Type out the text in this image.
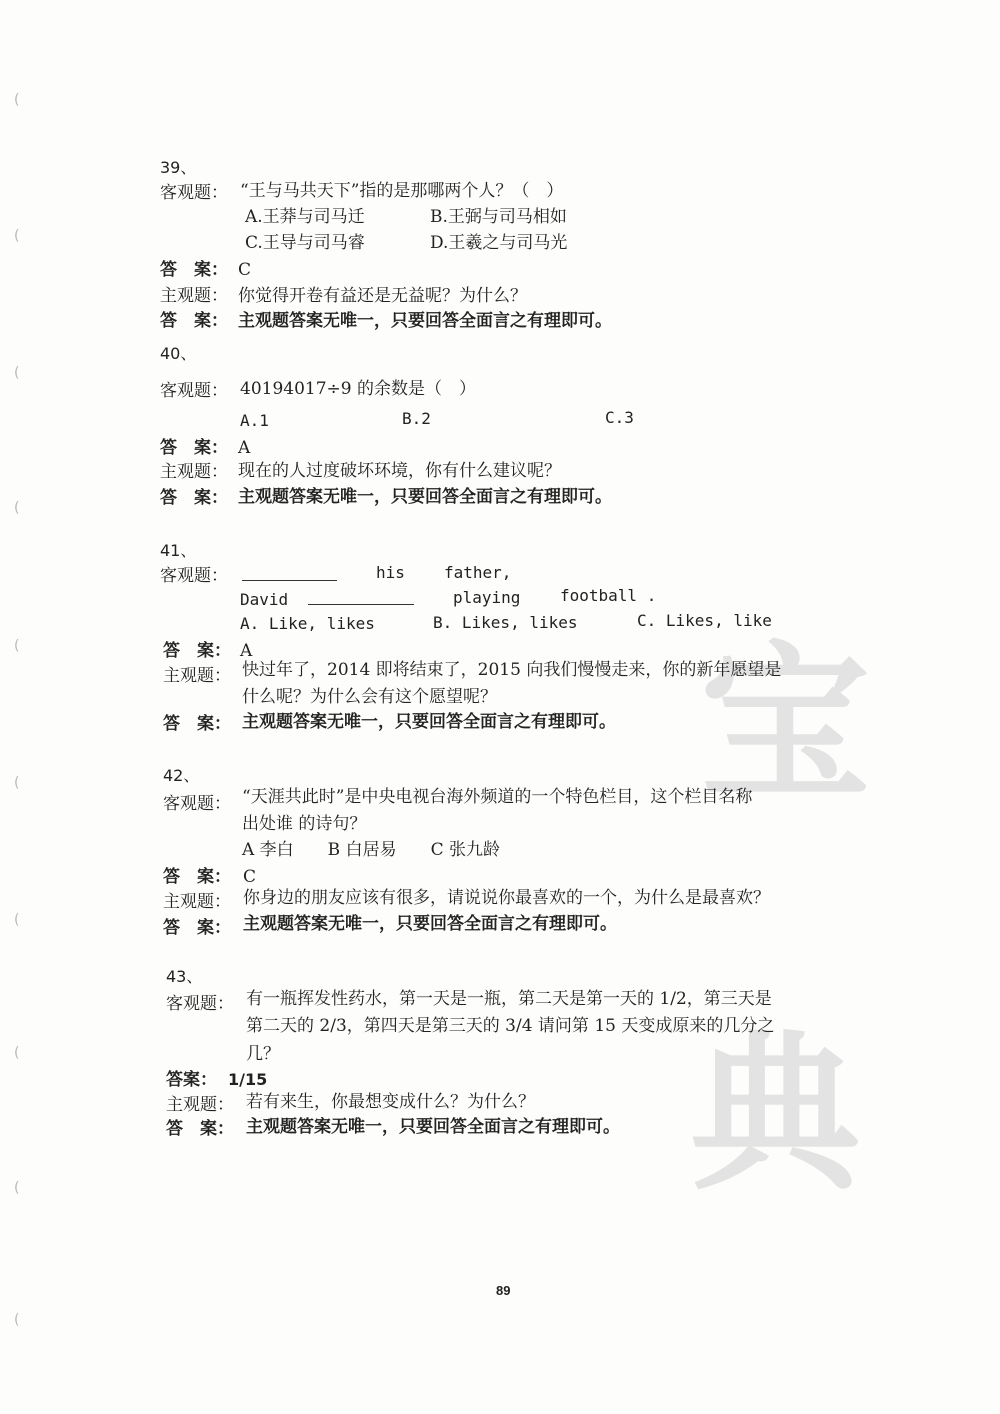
宝
典
(
(
(
(
(
(
(
(
(
(
39、
客观题： “王与马共天下”指的是那哪两个人？（　）
A.王莽与司马迁	B.王弼与司马相如
C.王导与司马睿	D.王羲之与司马光
答　案： C
主观题： 你觉得开卷有益还是无益呢？为什么？
答　案： 主观题答案无唯一，只要回答全面言之有理即可。
40、
客观题： 40194017÷9 的余数是（　）
A.1	B.2	C.3
答　案： A
主观题： 现在的人过度破坏环境，你有什么建议呢？
答　案： 主观题答案无唯一，只要回答全面言之有理即可。
41、
客观题：	his father,
David	playing football .
A. Like, likes	B. Likes, likes	C. Likes, like
答　案： A
主观题： 快过年了，2014 即将结束了，2015 向我们慢慢走来，你的新年愿望是
什么呢？为什么会有这个愿望呢？
答　案： 主观题答案无唯一，只要回答全面言之有理即可。
42、
客观题： “天涯共此时”是中央电视台海外频道的一个特色栏目，这个栏目名称
出处谁 的诗句？
A 李白　　B 白居易　　C 张九龄
答　案： C
主观题： 你身边的朋友应该有很多，请说说你最喜欢的一个，为什么是最喜欢？
答　案： 主观题答案无唯一，只要回答全面言之有理即可。
43、
客观题： 有一瓶挥发性药水，第一天是一瓶，第二天是第一天的 1/2，第三天是
第二天的 2/3，第四天是第三天的 3/4 请问第 15 天变成原来的几分之
几？
答案： 1/15
主观题： 若有来生，你最想变成什么？为什么？
答　案： 主观题答案无唯一，只要回答全面言之有理即可。
89
